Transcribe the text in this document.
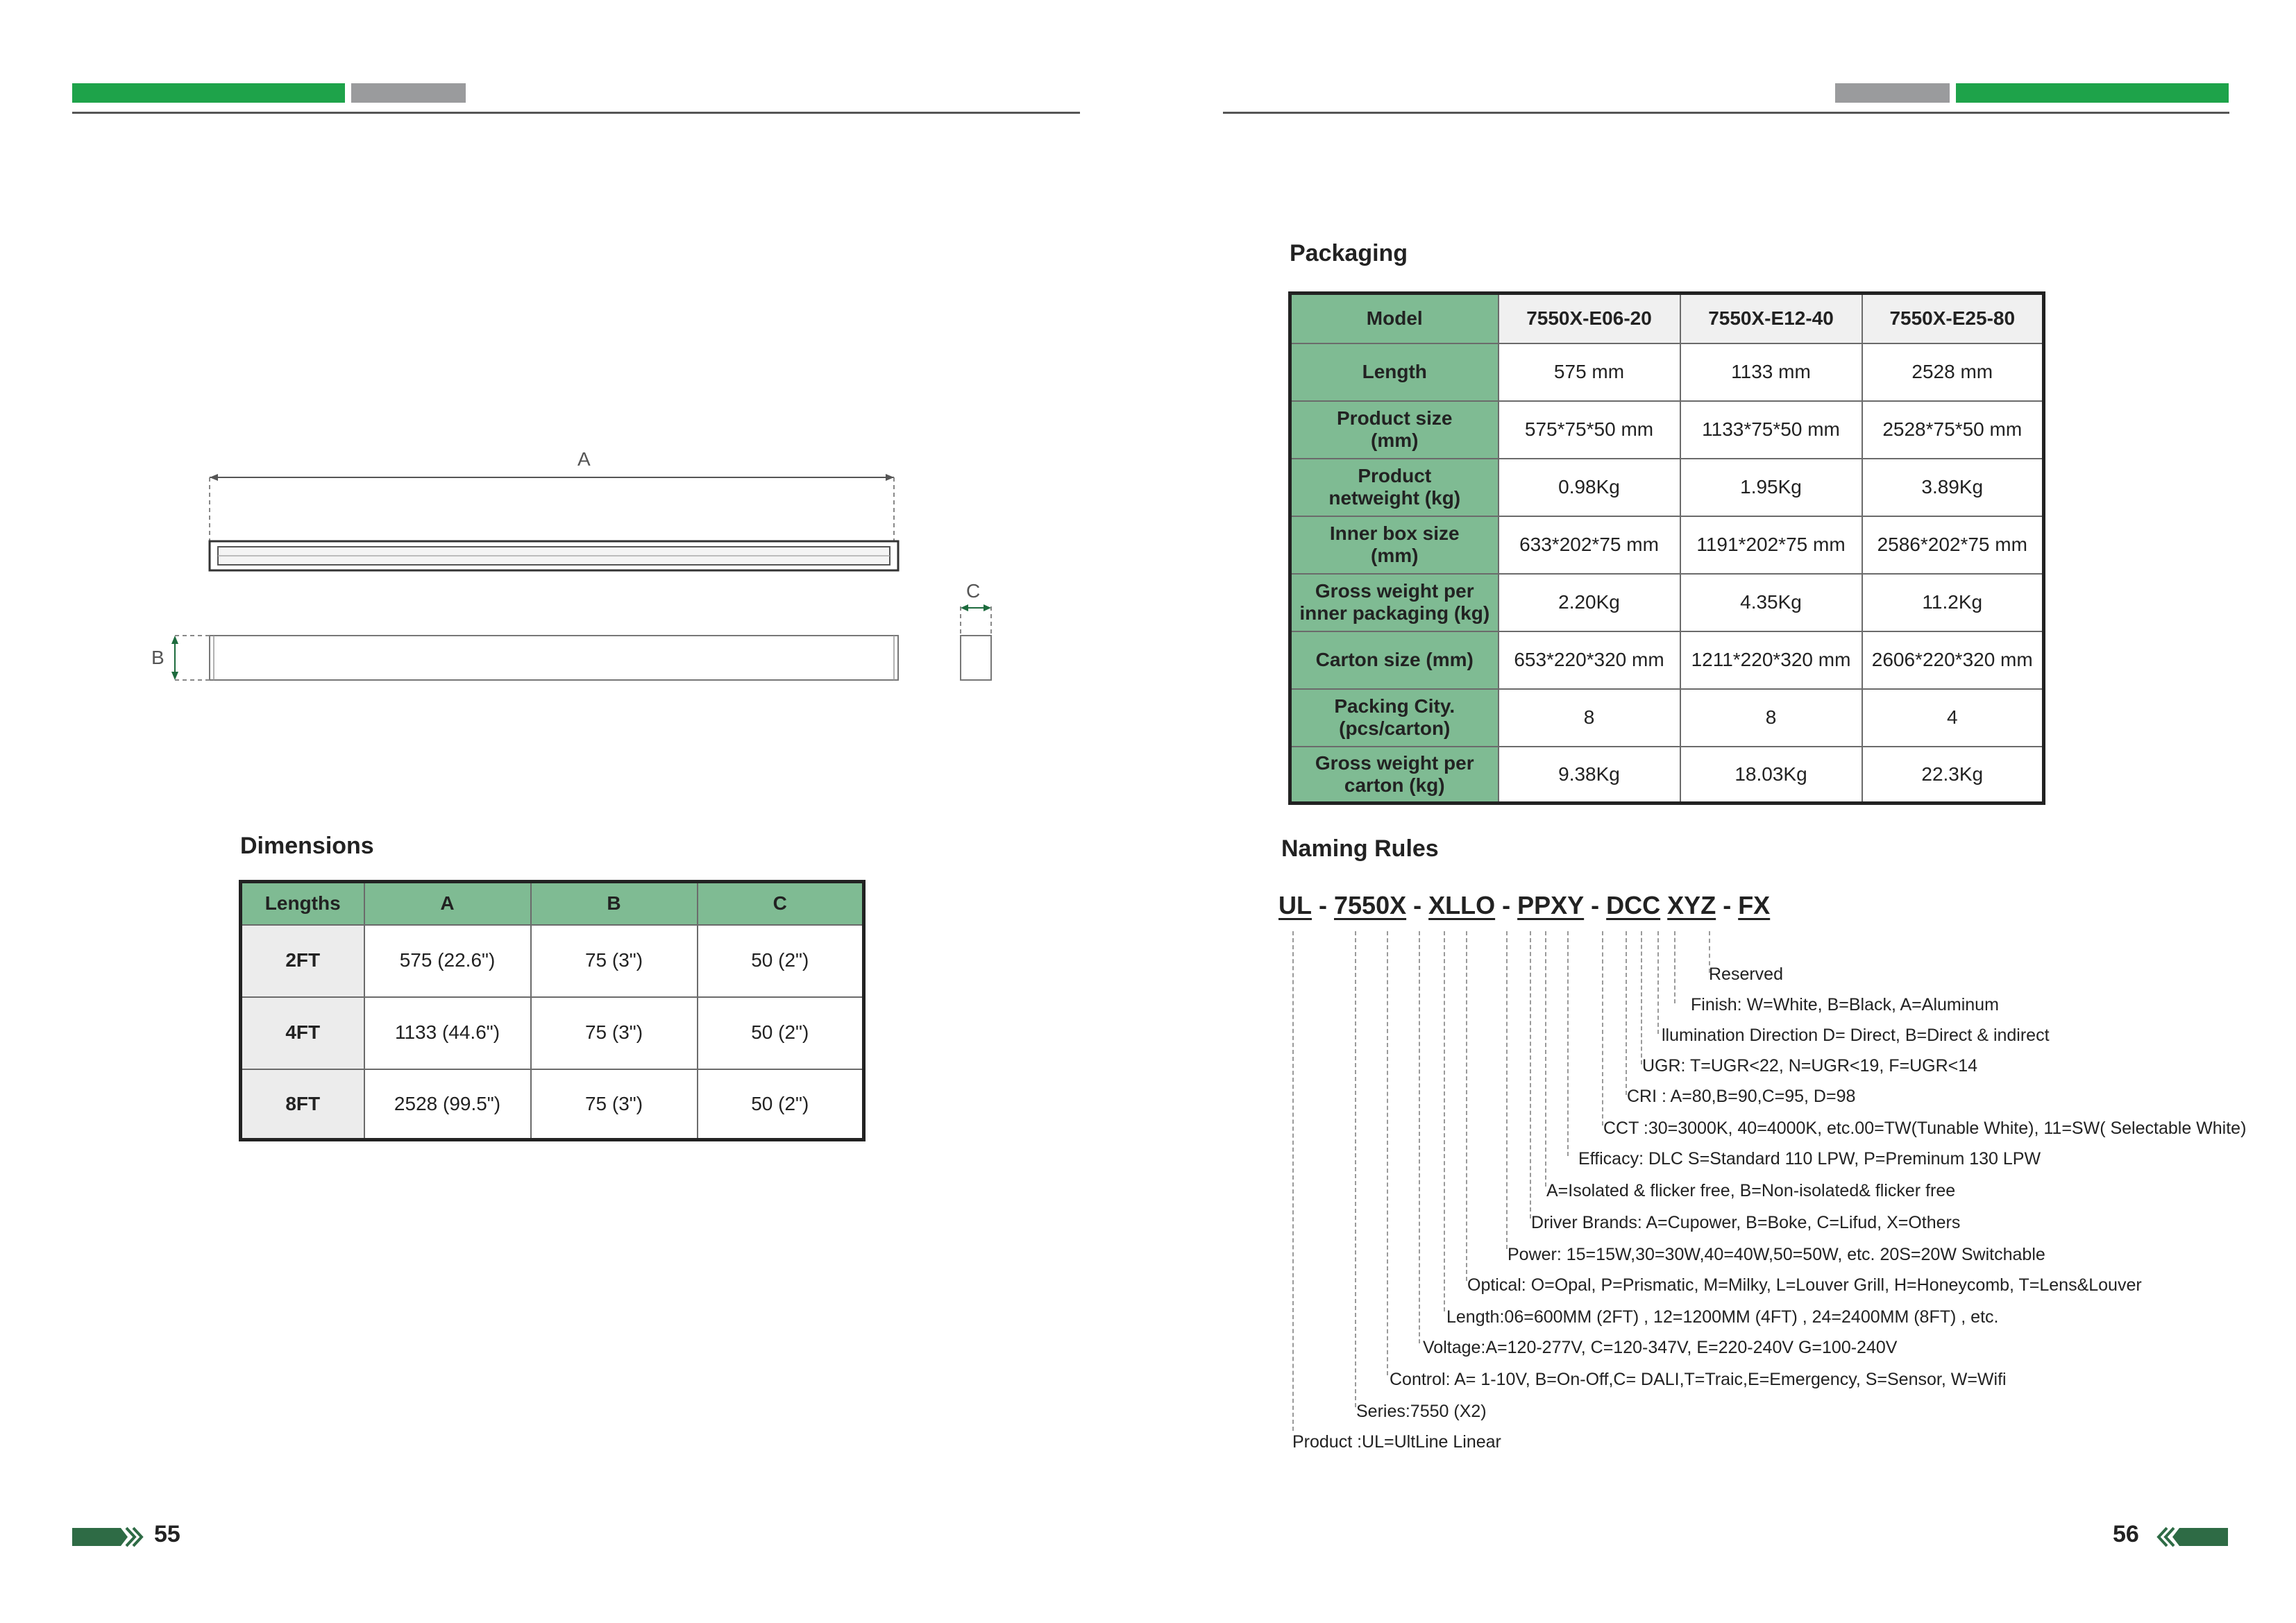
A
B
C
Dimensions
Lengths	A	B	C
2FT	575 (22.6")	75 (3")	50 (2")
4FT	1133 (44.6")	75 (3")	50 (2")
8FT	2528 (99.5")	75 (3")	50 (2")
Packaging
Model	7550X-E06-20	7550X-E12-40	7550X-E25-80
Length	575 mm	1133 mm	2528 mm
Product size (mm)	575*75*50 mm	1133*75*50 mm	2528*75*50 mm
Product netweight (kg)	0.98Kg	1.95Kg	3.89Kg
Inner box size (mm)	633*202*75 mm	1191*202*75 mm	2586*202*75 mm
Gross weight per inner packaging (kg)	2.20Kg	4.35Kg	11.2Kg
Carton size (mm)	653*220*320 mm	1211*220*320 mm	2606*220*320 mm
Packing City. (pcs/carton)	8	8	4
Gross weight per carton (kg)	9.38Kg	18.03Kg	22.3Kg
Naming Rules
UL - 7550X - XLLO - PPXY - DCC XYZ - FX
Reserved
Finish: W=White, B=Black, A=Aluminum
llumination Direction D= Direct, B=Direct & indirect
UGR: T=UGR<22, N=UGR<19, F=UGR<14
CRI : A=80,B=90,C=95, D=98
CCT :30=3000K, 40=4000K, etc.00=TW(Tunable White), 11=SW( Selectable White)
Efficacy: DLC S=Standard 110 LPW, P=Preminum 130 LPW
A=Isolated & flicker free, B=Non-isolated& flicker free
Driver Brands: A=Cupower, B=Boke, C=Lifud, X=Others
Power: 15=15W,30=30W,40=40W,50=50W, etc. 20S=20W Switchable
Optical: O=Opal, P=Prismatic, M=Milky, L=Louver Grill, H=Honeycomb, T=Lens&Louver
Length:06=600MM (2FT) , 12=1200MM (4FT) , 24=2400MM (8FT) , etc.
Voltage:A=120-277V, C=120-347V, E=220-240V G=100-240V
Control: A= 1-10V, B=On-Off,C= DALI,T=Traic,E=Emergency, S=Sensor, W=Wifi
Series:7550 (X2)
Product :UL=UltLine Linear
55	56
